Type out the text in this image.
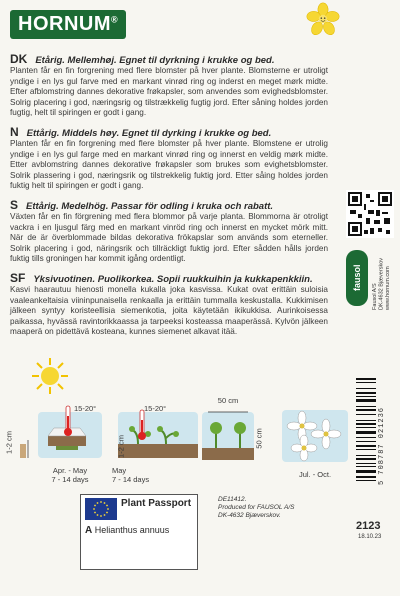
HORNUM®
DK Etårig. Mellemhøj. Egnet til dyrkning i krukke og bed.
Planten får en fin forgrening med flere blomster på hver plante. Blomsterne er utroligt yndige i en lys gul farve med en markant vinrød ring og inderst en meget mørk midte. Efter afblomstring dannes dekorative frøkapsler, som anvendes som evighedsblomster. Solrig placering i god, næringsrig og tilstrækkelig fugtig jord. Efter såning holdes jorden fugtig, helt til spiringen er godt i gang.
N Ettårig. Middels høy. Egnet til dyrking i krukke og bed.
Planten får en fin forgrening med flere blomster på hver plante. Blomstene er utrolig yndige i en lys gul farge med en markant vinrød ring og innerst en veldig mørk midte. Etter avblomstring dannes dekorative frøkapsler som brukes som evighetsblomster. Solrik plassering i god, næringsrik og tilstrekkelig fuktig jord. Etter såing holdes jorden fuktig helt til spiringen er godt i gang.
S Ettårig. Medelhög. Passar för odling i kruka och rabatt.
Växten får en fin förgrening med flera blommor på varje planta. Blommorna är otroligt vackra i en ljusgul färg med en markant vinröd ring och innerst en mycket mörk mitt. När de är överblommade bildas dekorativa frökapslar som används som eterneller. Solrik placering i god, näringsrik och tillräckligt fuktig jord. Efter sådden hålls jorden fuktig tills groningen har kommit igång ordentligt.
SF Yksivuotinen. Puolikorkea. Sopii ruukkuihin ja kukkapenkkiin.
Kasvi haarautuu hienosti monella kukalla joka kasvissa. Kukat ovat erittäin suloisia vaaleankeltaisia viininpunaisella renkaalla ja erittäin tummalla keskustalla. Kukkimisen jälkeen syntyy koristeellisia siemenkotia, joita käytetään ikikukkisa. Aurinkoisessa paikassa, hyvässä ravintorikkaassa ja tarpeeksi kosteassa maaperässä. Kylvön jälkeen maaperä on pidettävä kosteana, kunnes siemenet alkavat itää.
fausol
Fausol A/S DK-4632 Bjæverskov www.hornum.com
5 708787 021236
15-20°
1-2 cm
Apr. - May
7 - 14 days
15-20°
1-2 cm
May
7 - 14 days
50 cm
50 cm
Jul. - Oct.
Plant Passport
A Helianthus annuus
DE11412.
Produced for FAUSOL A/S
DK-4632 Bjæverskov.
2123
18.10.23
